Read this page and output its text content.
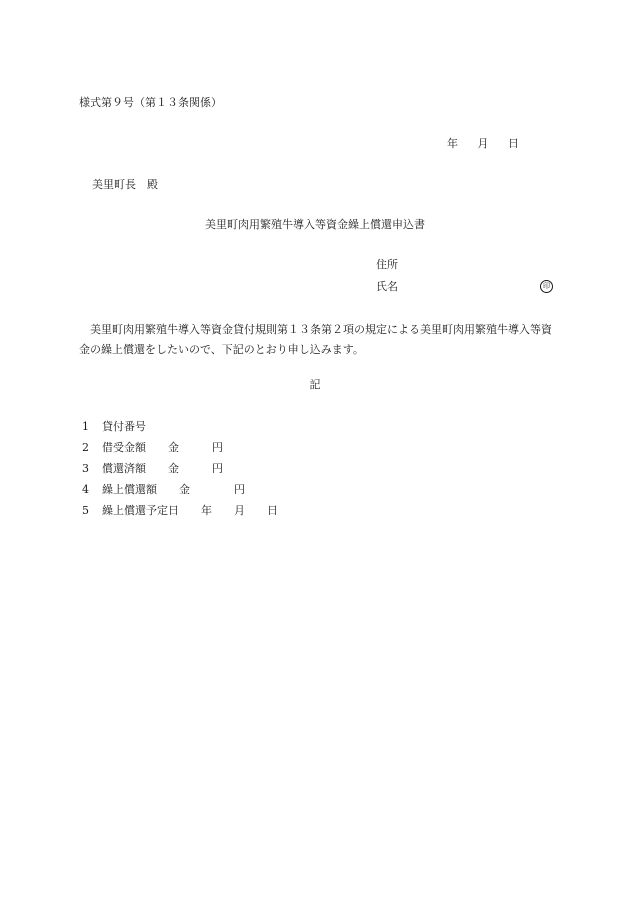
様式第９号（第１３条関係）
年 月 日
美里町長　殿
美里町肉用繁殖牛導入等資金繰上償還申込書
住所
氏名	印
美里町肉用繁殖牛導入等資金貸付規則第１３条第２項の規定による美里町肉用繁殖牛導入等資金の繰上償還をしたいので、下記のとおり申し込みます。
記
1 貸付番号
2 借受金額　　金　　　円
3 償還済額　　金　　　円
4 繰上償還額　　金　　　　円
5 繰上償還予定日　　年　　月　　日
